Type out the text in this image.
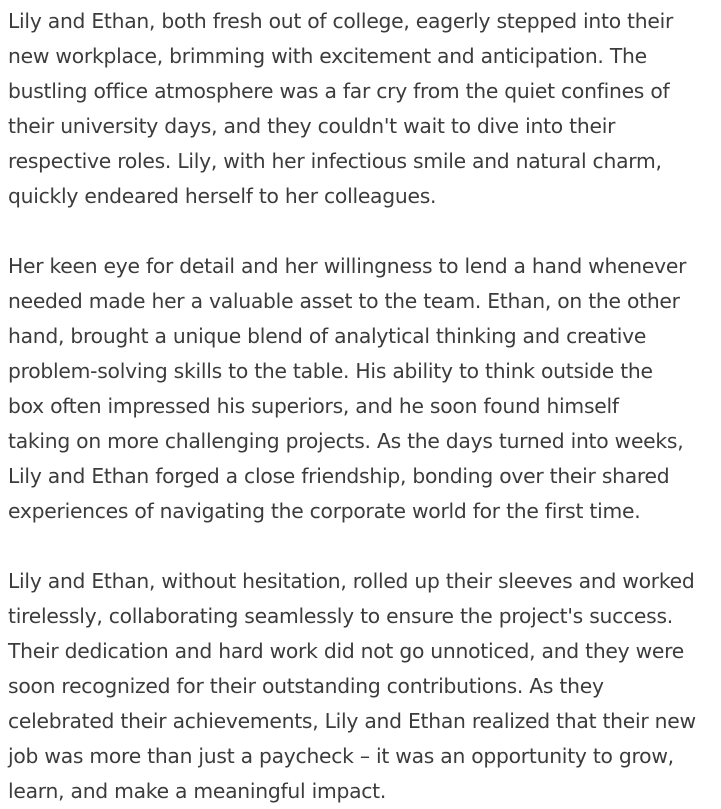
Lily and Ethan, both fresh out of college, eagerly stepped into their
new workplace, brimming with excitement and anticipation. The
bustling office atmosphere was a far cry from the quiet confines of
their university days, and they couldn't wait to dive into their
respective roles. Lily, with her infectious smile and natural charm,
quickly endeared herself to her colleagues.

Her keen eye for detail and her willingness to lend a hand whenever
needed made her a valuable asset to the team. Ethan, on the other
hand, brought a unique blend of analytical thinking and creative
problem-solving skills to the table. His ability to think outside the
box often impressed his superiors, and he soon found himself
taking on more challenging projects. As the days turned into weeks,
Lily and Ethan forged a close friendship, bonding over their shared
experiences of navigating the corporate world for the first time.

Lily and Ethan, without hesitation, rolled up their sleeves and worked
tirelessly, collaborating seamlessly to ensure the project's success.
Their dedication and hard work did not go unnoticed, and they were
soon recognized for their outstanding contributions. As they
celebrated their achievements, Lily and Ethan realized that their new
job was more than just a paycheck – it was an opportunity to grow,
learn, and make a meaningful impact.
